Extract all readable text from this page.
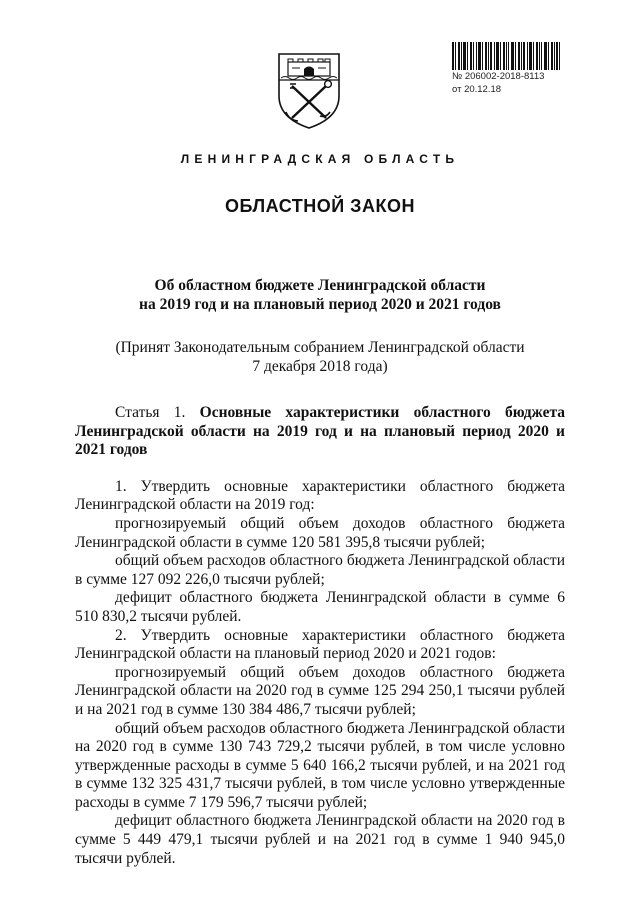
№ 206002-2018-8113
от 20.12.18
ЛЕНИНГРАДСКАЯ ОБЛАСТЬ
ОБЛАСТНОЙ ЗАКОН
Об областном бюджете Ленинградской области
на 2019 год и на плановый период 2020 и 2021 годов
(Принят Законодательным собранием Ленинградской области
7 декабря 2018 года)

Статья 1. Основные характеристики областного бюджета Ленинградской области на 2019 год и на плановый период 2020 и 2021 годов

1. Утвердить основные характеристики областного бюджета Ленинградской области на 2019 год:

прогнозируемый общий объем доходов областного бюджета Ленинградской области в сумме 120 581 395,8 тысячи рублей;

общий объем расходов областного бюджета Ленинградской области в сумме 127 092 226,0 тысячи рублей;

дефицит областного бюджета Ленинградской области в сумме 6 510 830,2 тысячи рублей.

2. Утвердить основные характеристики областного бюджета Ленинградской области на плановый период 2020 и 2021 годов:

прогнозируемый общий объем доходов областного бюджета Ленинградской области на 2020 год в сумме 125 294 250,1 тысячи рублей и на 2021 год в сумме 130 384 486,7 тысячи рублей;

общий объем расходов областного бюджета Ленинградской области на 2020 год в сумме 130 743 729,2 тысячи рублей, в том числе условно утвержденные расходы в сумме 5 640 166,2 тысячи рублей, и на 2021 год в сумме 132 325 431,7 тысячи рублей, в том числе условно утвержденные расходы в сумме 7 179 596,7 тысячи рублей;

дефицит областного бюджета Ленинградской области на 2020 год в сумме 5 449 479,1 тысячи рублей и на 2021 год в сумме 1 940 945,0 тысячи рублей.
